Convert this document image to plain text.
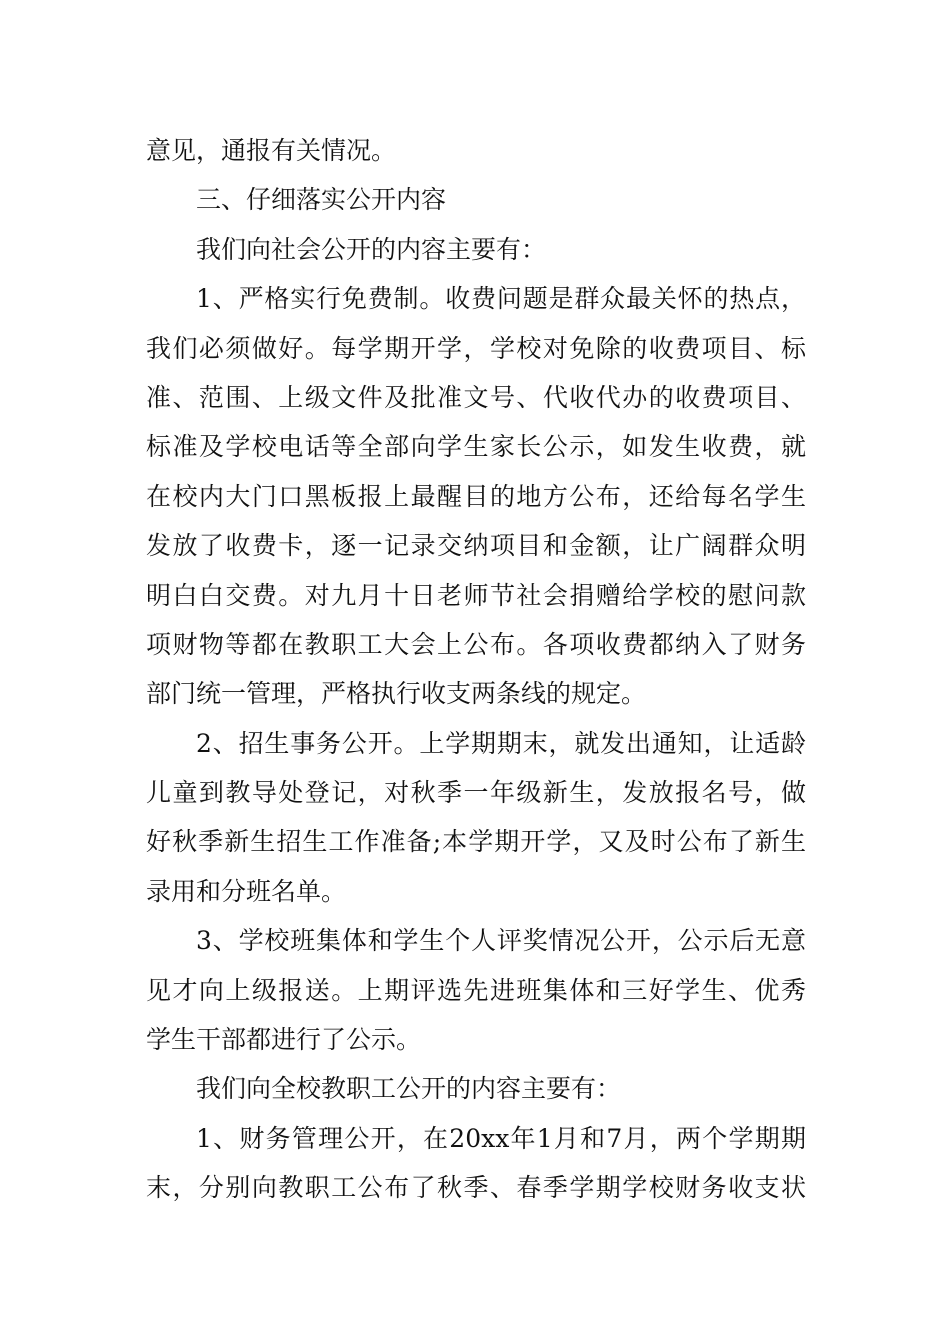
意见，通报有关情况。
三、仔细落实公开内容
我们向社会公开的内容主要有：
1、严格实行免费制。收费问题是群众最关怀的热点，
我们必须做好。每学期开学，学校对免除的收费项目、标
准、范围、上级文件及批准文号、代收代办的收费项目、
标准及学校电话等全部向学生家长公示，如发生收费，就
在校内大门口黑板报上最醒目的地方公布，还给每名学生
发放了收费卡，逐一记录交纳项目和金额，让广阔群众明
明白白交费。对九月十日老师节社会捐赠给学校的慰问款
项财物等都在教职工大会上公布。各项收费都纳入了财务
部门统一管理，严格执行收支两条线的规定。
2、招生事务公开。上学期期末，就发出通知，让适龄
儿童到教导处登记，对秋季一年级新生，发放报名号，做
好秋季新生招生工作准备;本学期开学，又及时公布了新生
录用和分班名单。
3、学校班集体和学生个人评奖情况公开，公示后无意
见才向上级报送。上期评选先进班集体和三好学生、优秀
学生干部都进行了公示。
我们向全校教职工公开的内容主要有：
1、财务管理公开，在20xx年1月和7月，两个学期期
末，分别向教职工公布了秋季、春季学期学校财务收支状
